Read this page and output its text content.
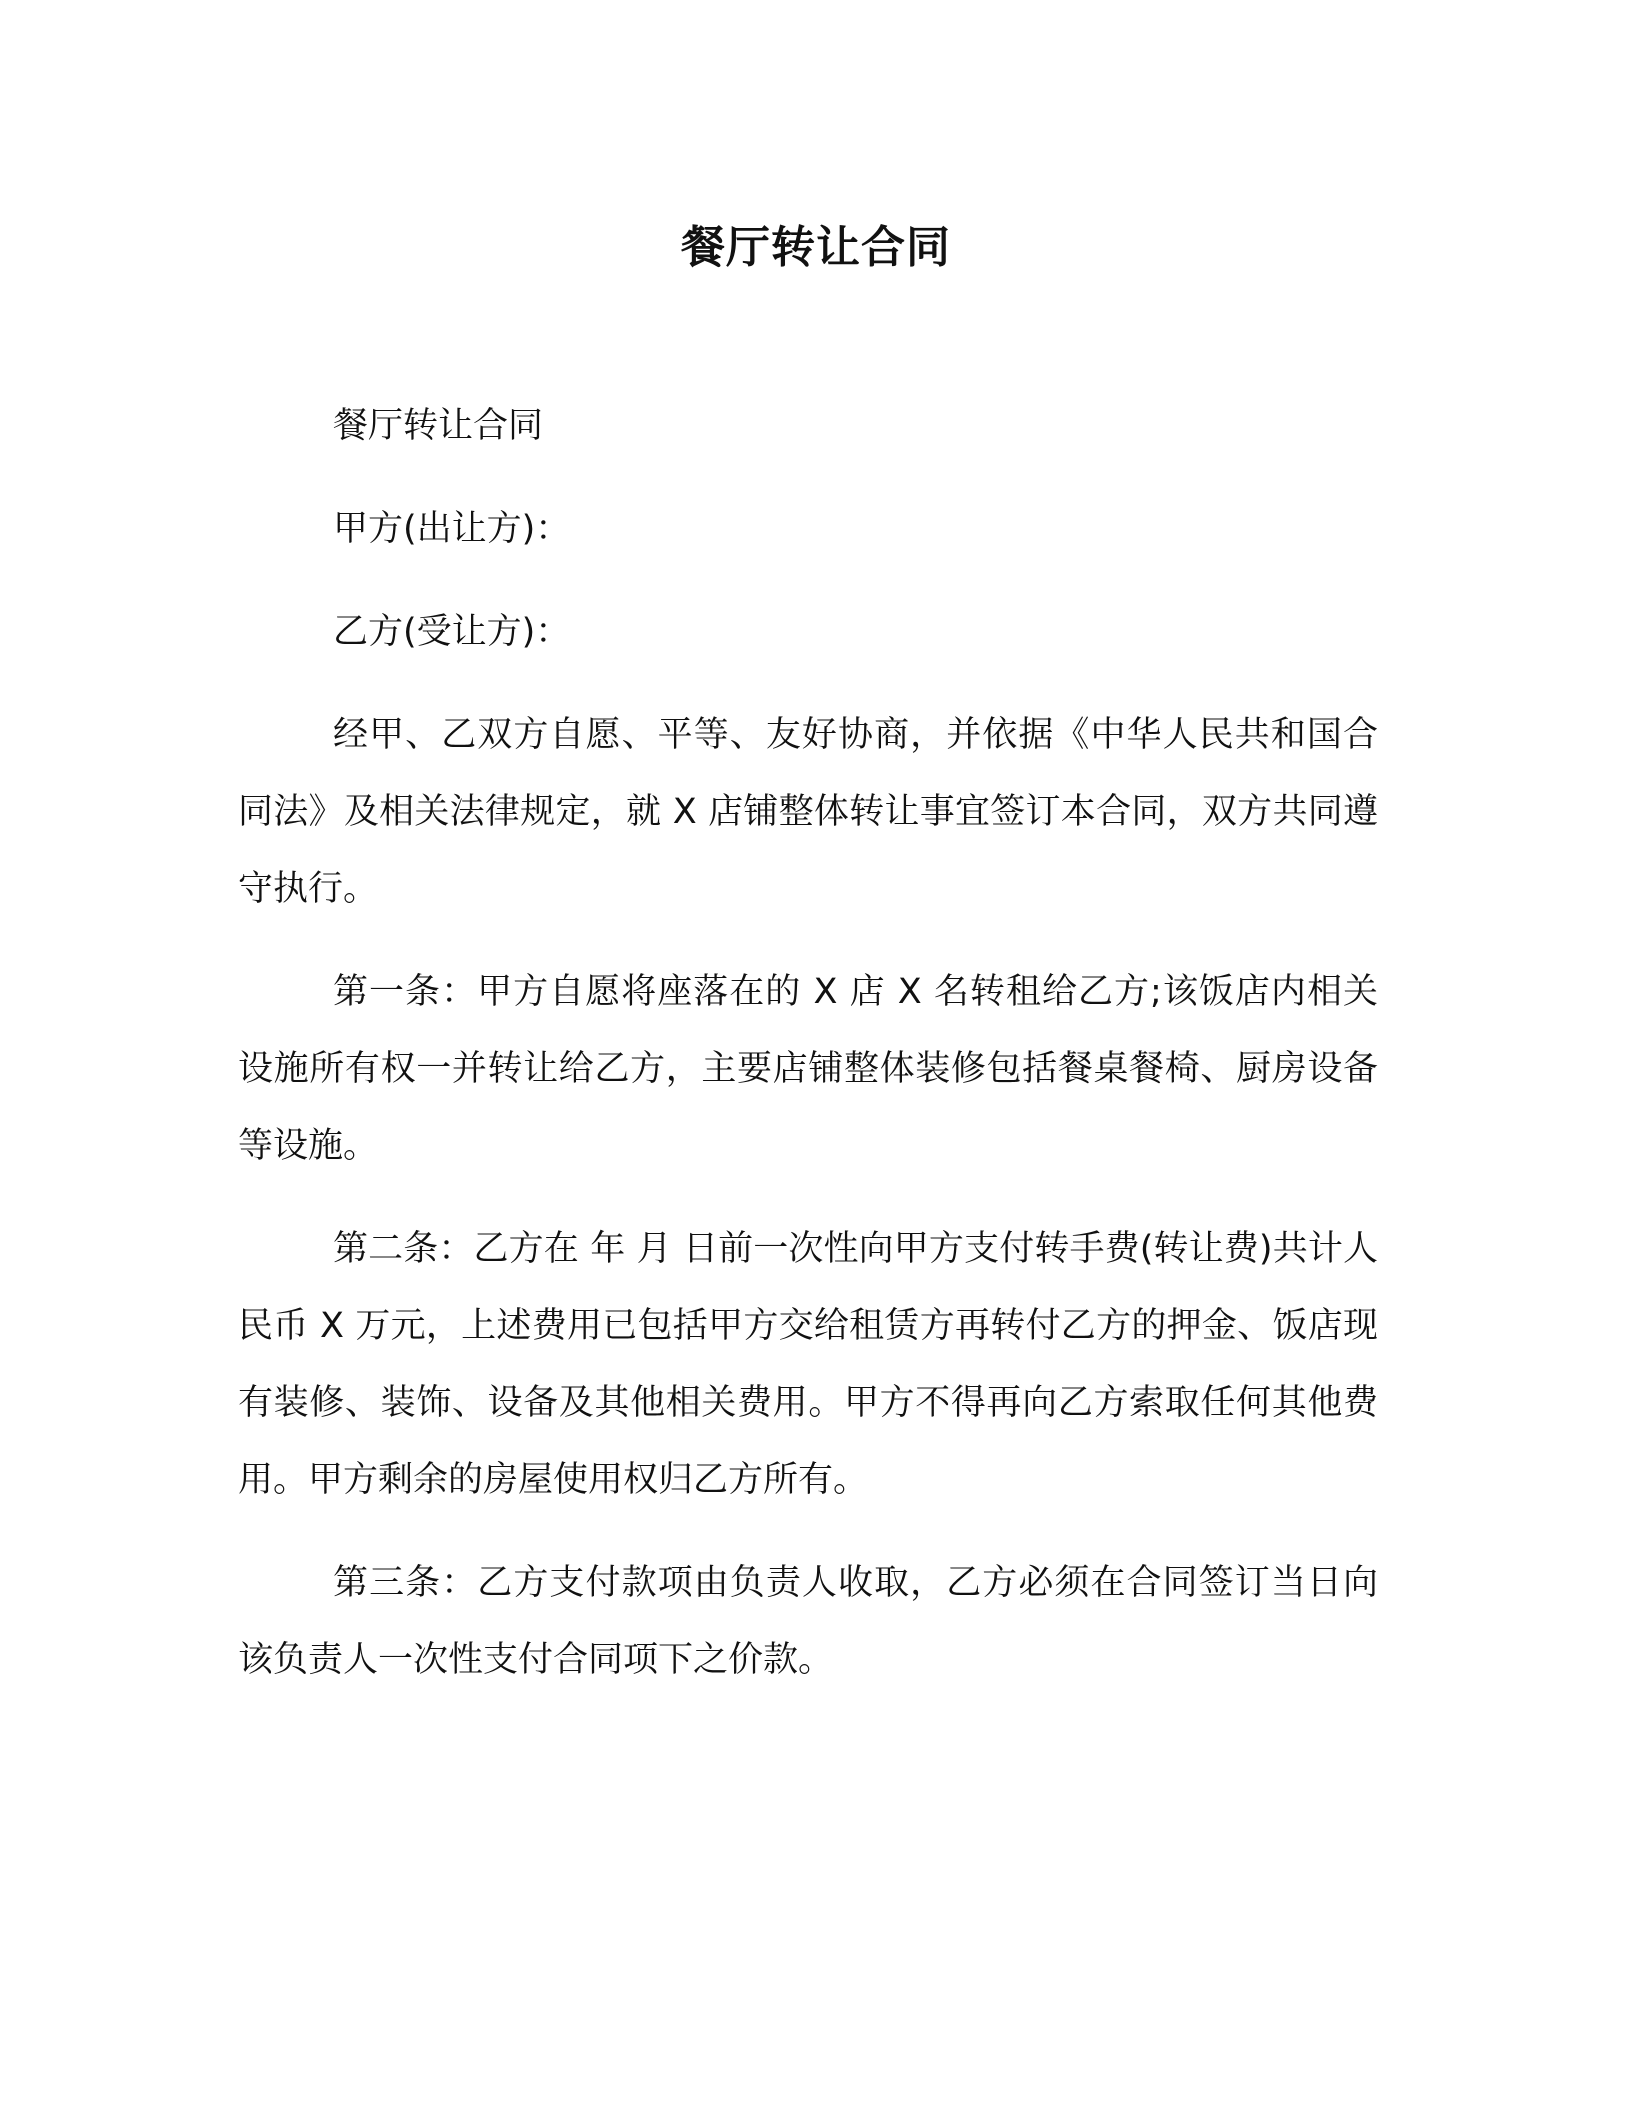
餐厅转让合同

餐厅转让合同

甲方(出让方)：

乙方(受让方)：

经甲、乙双方自愿、平等、友好协商，并依据《中华人民共和国合同法》及相关法律规定，就 X 店铺整体转让事宜签订本合同，双方共同遵守执行。

第一条：甲方自愿将座落在的 X 店 X 名转租给乙方;该饭店内相关设施所有权一并转让给乙方，主要店铺整体装修包括餐桌餐椅、厨房设备等设施。

第二条：乙方在 年 月 日前一次性向甲方支付转手费(转让费)共计人民币 X 万元，上述费用已包括甲方交给租赁方再转付乙方的押金、饭店现有装修、装饰、设备及其他相关费用。甲方不得再向乙方索取任何其他费用。甲方剩余的房屋使用权归乙方所有。

第三条：乙方支付款项由负责人收取，乙方必须在合同签订当日向该负责人一次性支付合同项下之价款。
